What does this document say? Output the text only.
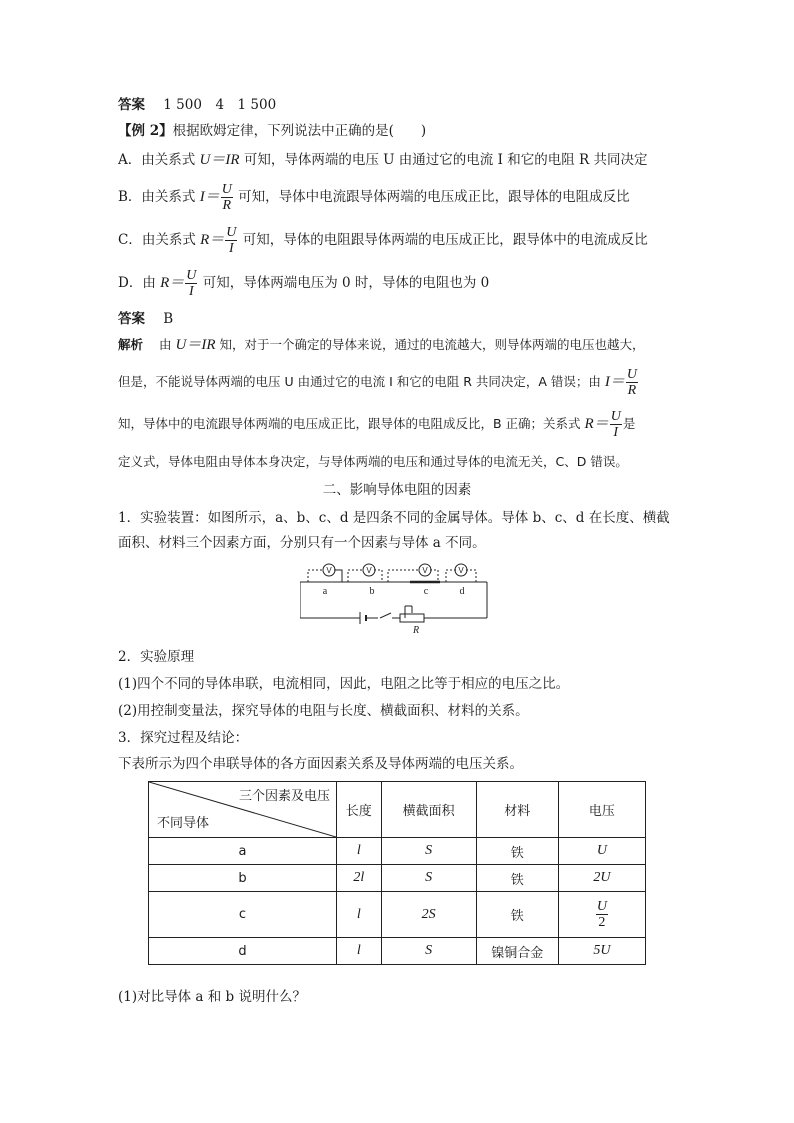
答案 1 500　4　1 500
【例 2】根据欧姆定律，下列说法中正确的是(　　)
A．由关系式 U＝IR 可知，导体两端的电压 U 由通过它的电流 I 和它的电阻 R 共同决定
B．由关系式 $I= \frac{U}{R}$ 可知，导体中电流跟导体两端的电压成正比，跟导体的电阻成反比
C．由关系式 $R= \frac{U}{I}$ 可知，导体的电阻跟导体两端的电压成正比，跟导体中的电流成反比
D．由 $R= \frac{U}{I}$ 可知，导体两端电压为 0 时，导体的电阻也为 0
答案 B
解析 由 U＝IR 知，对于一个确定的导体来说，通过的电流越大，则导体两端的电压也越大，
但是，不能说导体两端的电压 U 由通过它的电流 I 和它的电阻 R 共同决定，A 错误；由 $I= \frac{U}{R}$
知，导体中的电流跟导体两端的电压成正比，跟导体的电阻成反比，B 正确；关系式 $R= \frac{U}{I}$ 是
定义式，导体电阻由导体本身决定，与导体两端的电压和通过导体的电流无关，C、D 错误。
二、影响导体电阻的因素
1．实验装置：如图所示，a、b、c、d 是四条不同的金属导体。导体 b、c、d 在长度、横截
面积、材料三个因素方面，分别只有一个因素与导体 a 不同。
V	V	V	V
a	b	c	d
R
2．实验原理
(1)四个不同的导体串联，电流相同，因此，电阻之比等于相应的电压之比。
(2)用控制变量法，探究导体的电阻与长度、横截面积、材料的关系。
3．探究过程及结论：
下表所示为四个串联导体的各方面因素关系及导体两端的电压关系。
三个因素及电压
不同导体	长度	横截面积	材料	电压
a	l	S	铁	U
b	2l	S	铁	2U
c	l	2S	铁	$\frac{U}{2}$

d	l	S	镍铜合金	5U
(1)对比导体 a 和 b 说明什么？
